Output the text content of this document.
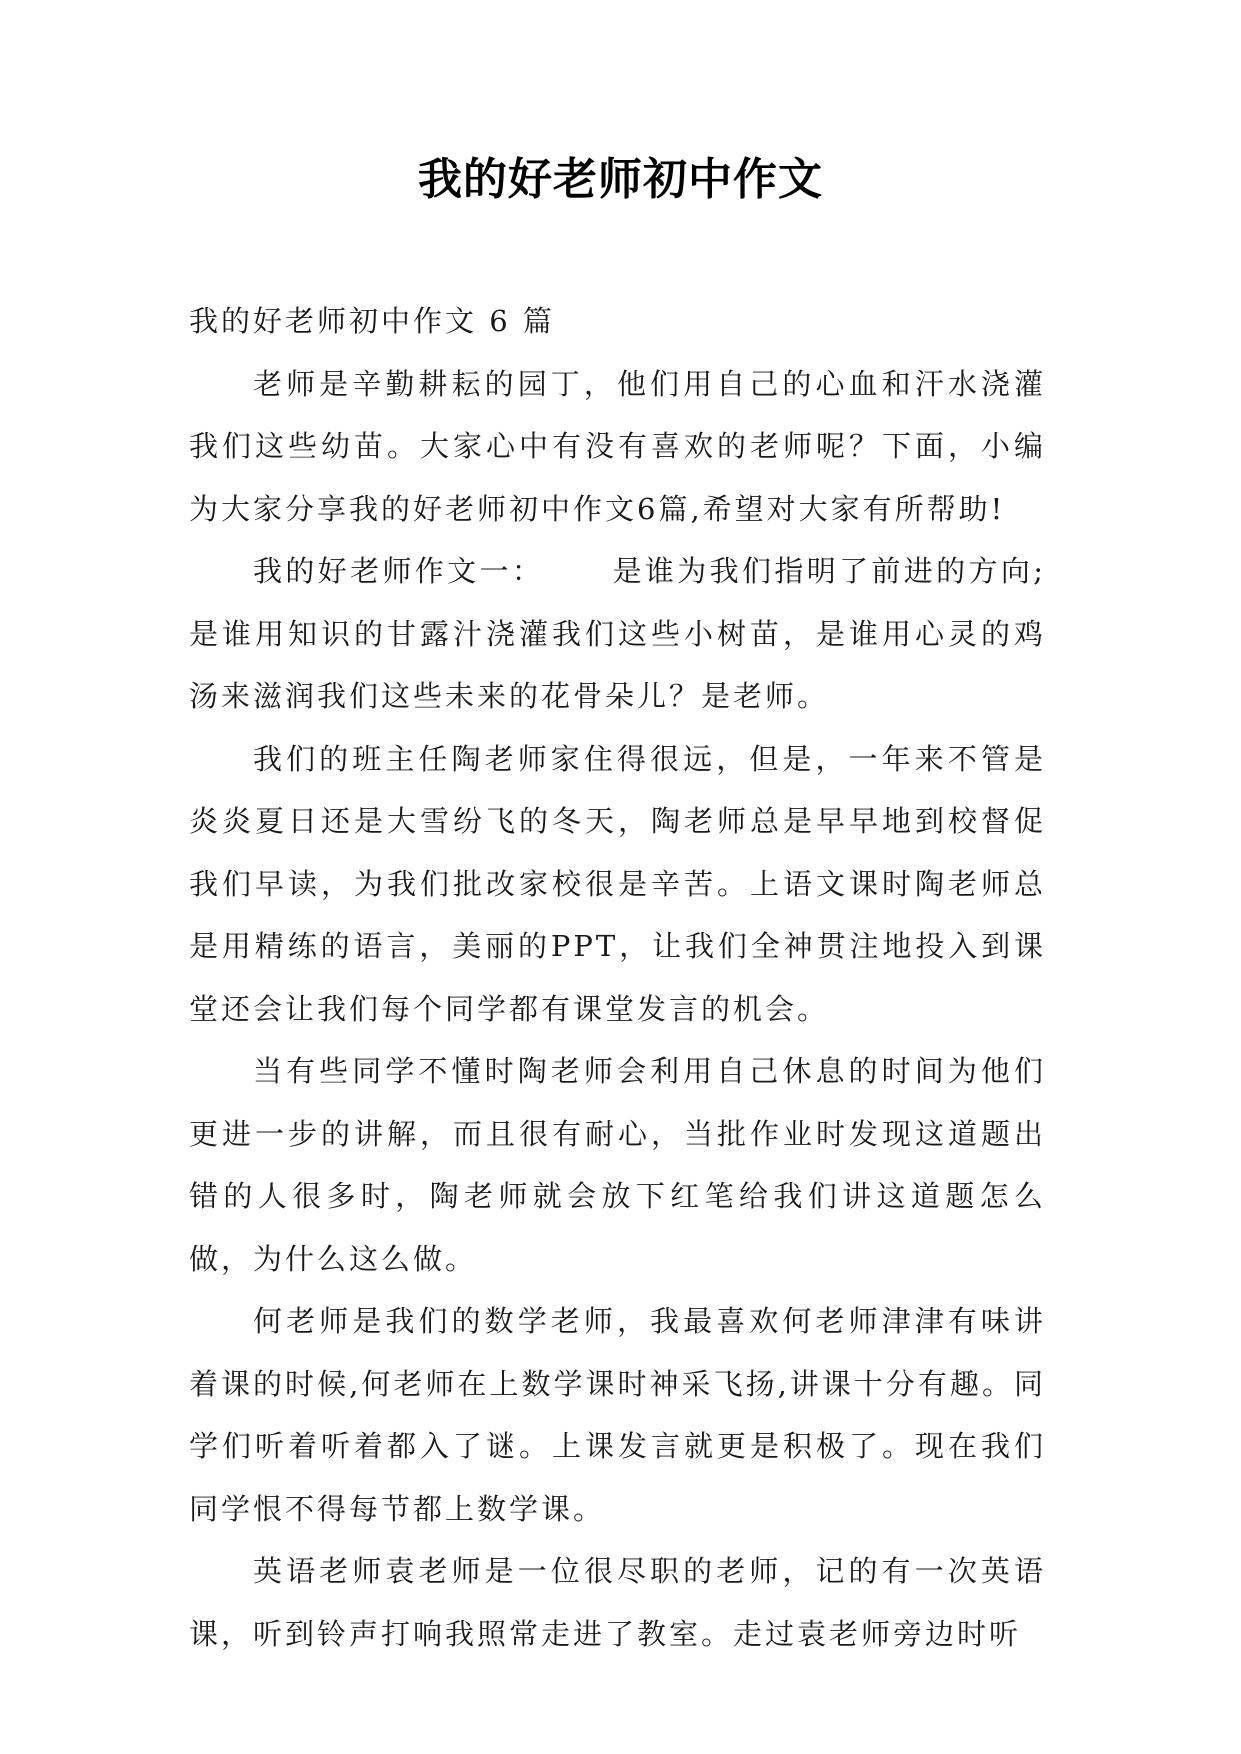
我的好老师初中作文

我的好老师初中作文 6 篇

老师是辛勤耕耘的园丁，他们用自己的心血和汗水浇灌我们这些幼苗。大家心中有没有喜欢的老师呢？下面，小编为大家分享我的好老师初中作文6篇,希望对大家有所帮助!

我的好老师作文一： 是谁为我们指明了前进的方向;是谁用知识的甘露汁浇灌我们这些小树苗，是谁用心灵的鸡汤来滋润我们这些未来的花骨朵儿？是老师。

我们的班主任陶老师家住得很远，但是，一年来不管是炎炎夏日还是大雪纷飞的冬天，陶老师总是早早地到校督促我们早读，为我们批改家校很是辛苦。上语文课时陶老师总是用精练的语言，美丽的PPT，让我们全神贯注地投入到课堂还会让我们每个同学都有课堂发言的机会。

当有些同学不懂时陶老师会利用自己休息的时间为他们更进一步的讲解，而且很有耐心，当批作业时发现这道题出错的人很多时，陶老师就会放下红笔给我们讲这道题怎么做，为什么这么做。

何老师是我们的数学老师，我最喜欢何老师津津有味讲着课的时候,何老师在上数学课时神采飞扬,讲课十分有趣。同学们听着听着都入了谜。上课发言就更是积极了。现在我们同学恨不得每节都上数学课。

英语老师袁老师是一位很尽职的老师，记的有一次英语课，听到铃声打响我照常走进了教室。走过袁老师旁边时听
